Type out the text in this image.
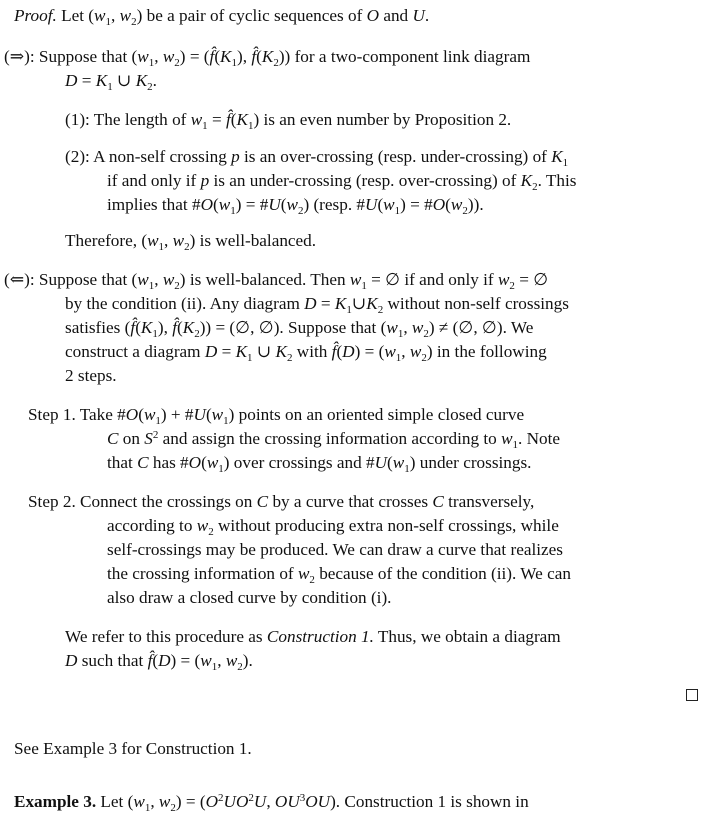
Proof. Let ($w_1$, $w_2$) be a pair of cyclic sequences of O and U.
(⇒): Suppose that ($w_1$, $w_2$) = ($f̂(K_1)$, $f̂(K_2)$) for a two-component link diagram
$D = K_1$ ∪ $K_2$.
(1): The length of $w_1$ = $f̂(K_1)$ is an even number by Proposition 2.
(2): A non-self crossing p is an over-crossing (resp. under-crossing) of $K_1$
if and only if p is an under-crossing (resp. over-crossing) of $K_2$. This
implies that $\#O(w_1)$ = $\#U(w_2)$ (resp. $\#U(w_1)$ = $\#O(w_2)$).
Therefore, ($w_1$, $w_2$) is well-balanced.
(⇐): Suppose that ($w_1$, $w_2$) is well-balanced. Then $w_1$ = ∅ if and only if $w_2$ = ∅
by the condition (ii). Any diagram $D = K_1\cup K_2$ without non-self crossings
satisfies ($f̂(K_1)$, $f̂(K_2)$) = (∅, ∅). Suppose that ($w_1$, $w_2$) ≠ (∅, ∅). We
construct a diagram $D = K_1$ ∪ $K_2$ with f̂(D) = ($w_1$, $w_2$) in the following
2 steps.
Step 1. Take $\#O(w_1)$ + $\#U(w_1)$ points on an oriented simple closed curve
C on $S^2$ and assign the crossing information according to $w_1$. Note
that C has $\#O(w_1)$ over crossings and $\#U(w_1)$ under crossings.
Step 2. Connect the crossings on C by a curve that crosses C transversely,
according to $w_2$ without producing extra non-self crossings, while
self-crossings may be produced. We can draw a curve that realizes
the crossing information of $w_2$ because of the condition (ii). We can
also draw a closed curve by condition (i).
We refer to this procedure as Construction 1. Thus, we obtain a diagram
D such that f̂(D) = ($w_1$, $w_2$).
See Example 3 for Construction 1.
Example 3. Let ($w_1$, $w_2) = (O^2UO^2U$, $OU^3OU$). Construction 1 is shown in
